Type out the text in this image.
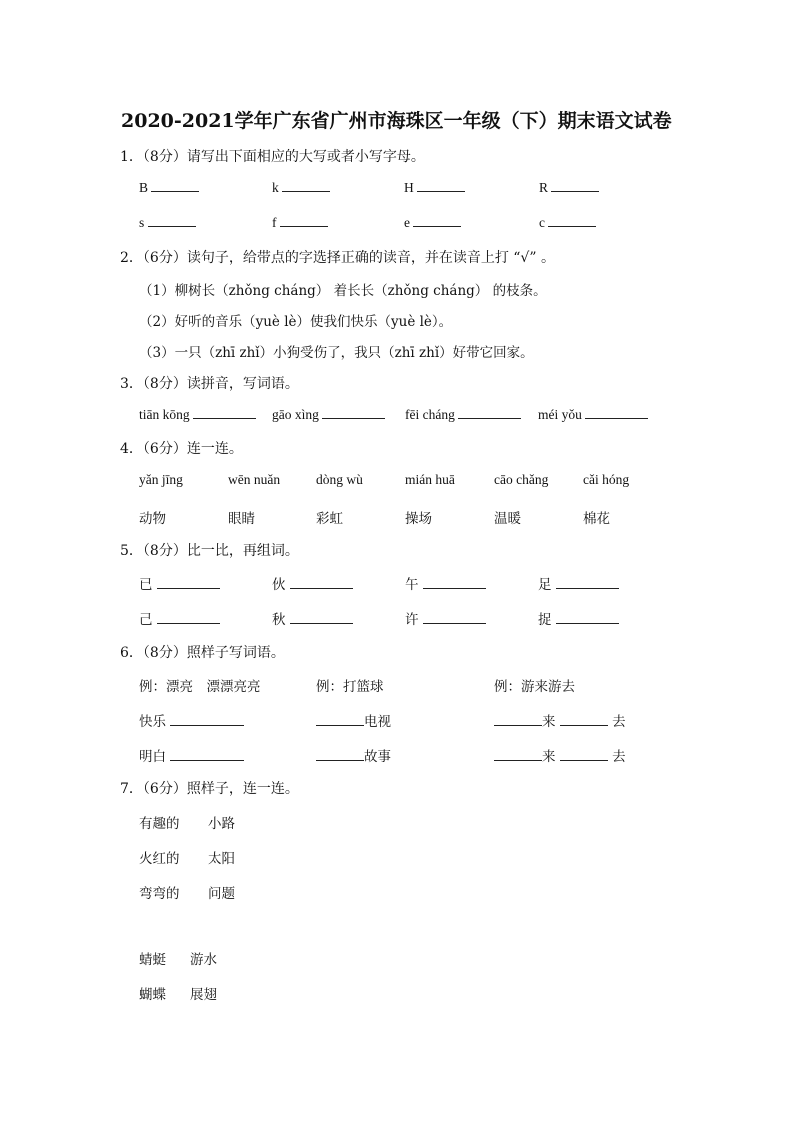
2020-2021学年广东省广州市海珠区一年级（下）期末语文试卷
1．（8分）请写出下面相应的大写或者小写字母。
B	k	H	R
s	f	e	c
2．（6分）读句子，给带点的字选择正确的读音，并在读音上打 “√” 。
（1）柳树长（zhǒng cháng） 着长长（zhǒng cháng） 的枝条。
（2）好听的音乐（yuè lè）使我们快乐（yuè lè）。
（3）一只（zhī zhǐ）小狗受伤了，我只（zhī zhǐ）好带它回家。
3．（8分）读拼音，写词语。
tiān kōng	gāo xìng	fēi cháng	méi yǒu
4．（6分）连一连。
yǎn jīng	wēn nuǎn	dòng wù	mián huā	cāo chǎng	cǎi hóng
动物	眼睛	彩虹	操场	温暖	棉花
5．（8分）比一比，再组词。
已	伙	午	足
己	秋	许	捉
6．（8分）照样子写词语。
例：漂亮　漂漂亮亮	例：打篮球	例：游来游去
快乐	电视	来	去
明白	故事	来	去
7．（6分）照样子，连一连。
有趣的 小路
火红的 太阳
弯弯的 问题
蜻蜓 游水
蝴蝶 展翅
